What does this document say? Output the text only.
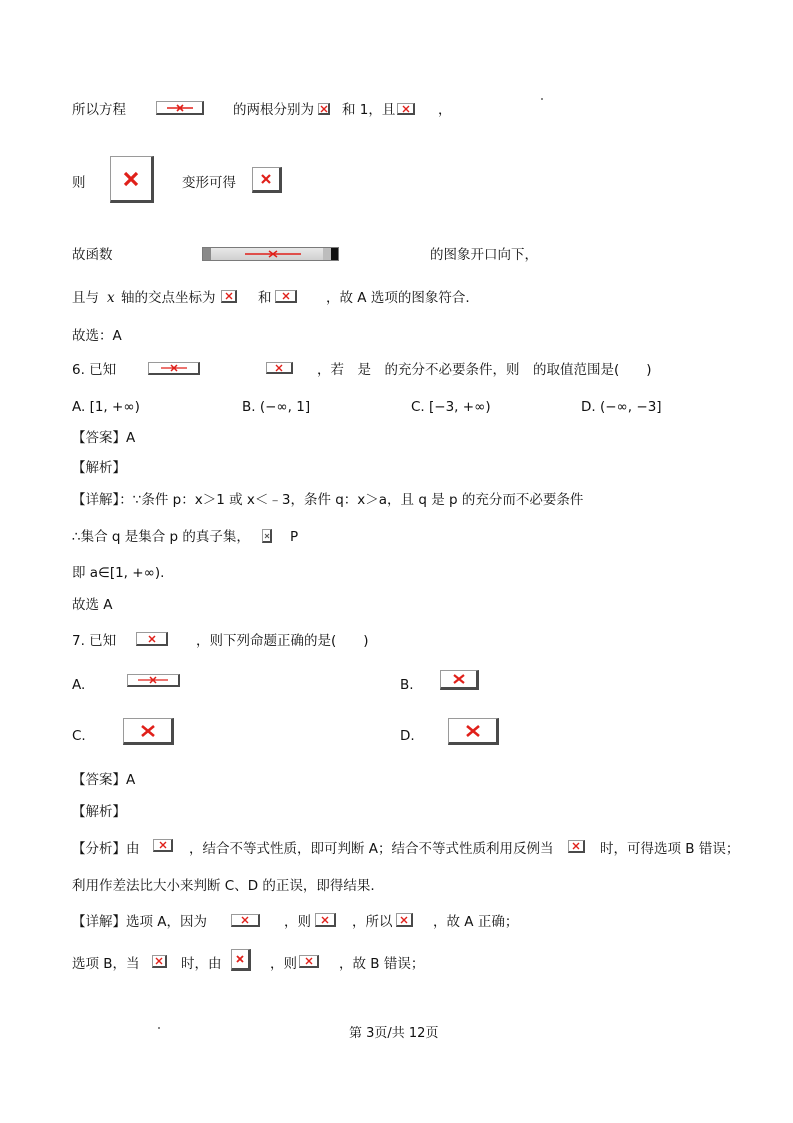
所以方程	的两根分别为 和 1，且	，
则	变形可得
故函数	的图象开口向下，
且与 x 轴的交点坐标为	和	，故 A 选项的图象符合.
故选：A
6. 已知	，若　是　的充分不必要条件，则　的取值范围是(　　)
A. [1, +∞)	B. (−∞, 1]	C. [−3, +∞)	D. (−∞, −3]
【答案】A
【解析】
【详解】：∵条件 p：x＞1 或 x＜﹣3，条件 q：x＞a，且 q 是 p 的充分而不必要条件
∴集合 q 是集合 p 的真子集，	P
即 a∈[1, +∞).
故选 A
7. 已知	，则下列命题正确的是(　　)
A.	B.
C.	D.
【答案】A
【解析】
【分析】由	，结合不等式性质，即可判断 A；结合不等式性质利用反例当	时，可得选项 B 错误；
利用作差法比大小来判断 C、D 的正误，即得结果.
【详解】选项 A，因为	，则	，所以	，故 A 正确；
选项 B，当	时，由	，则	，故 B 错误；
第 3页/共 12页
